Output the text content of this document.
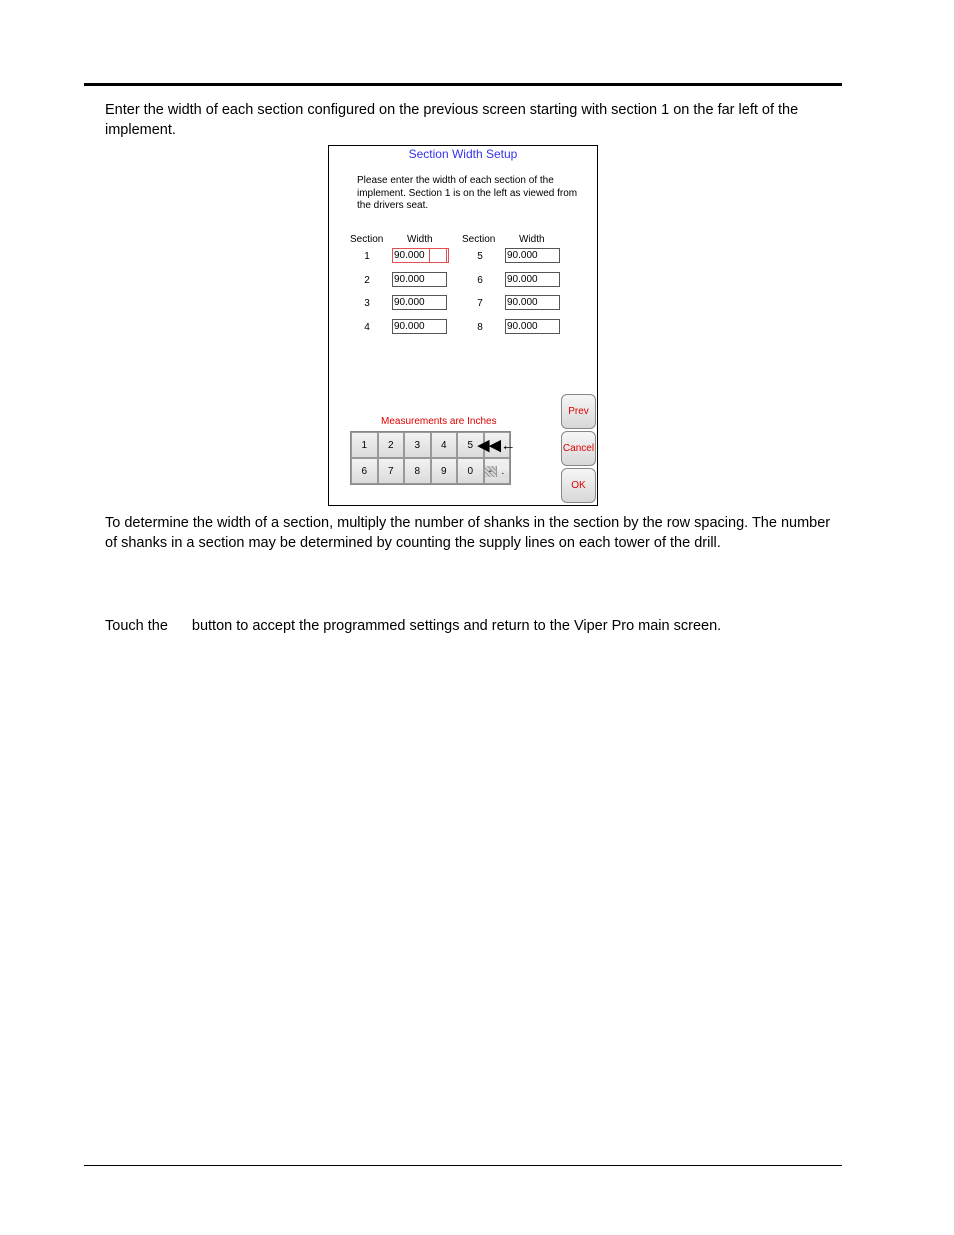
Enter the width of each section configured on the previous screen starting with section 1 on the far left of the implement.

Section Width Setup
Please enter the width of each section of the implement. Section 1 is on the left as viewed from the drivers seat.
Section Width	Section Width
1	90.000
2	90.000
3	90.000
4	90.000
5	90.000
6	90.000
7	90.000
8	90.000
Measurements are Inches
1	2	3	4	5 ◀◀ ←
6	7	8	9	0	- .
Prev
Cancel
OK

To determine the width of a section, multiply the number of shanks in the section by the row spacing. The number of shanks in a section may be determined by counting the supply lines on each tower of the drill.

Touch the button to accept the programmed settings and return to the Viper Pro main screen.
